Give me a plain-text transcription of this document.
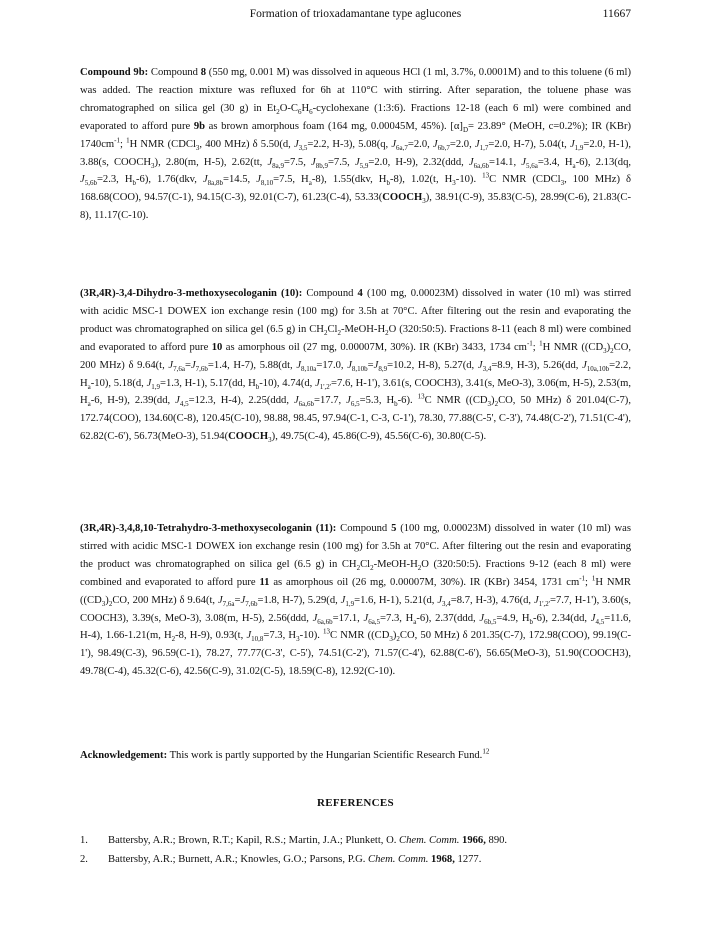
Formation of trioxadamantane type aglucones	11667

Compound 9b: Compound 8 (550 mg, 0.001 M) was dissolved in aqueous HCl (1 ml, 3.7%, 0.0001M) and to this toluene (6 ml) was added. The reaction mixture was refluxed for 6h at 110°C with stirring. After separation, the toluene phase was chromatographed on silica gel (30 g) in $Et_2O-C_6H_6$-cyclohexane (1:3:6). Fractions 12-18 (each 6 ml) were combined and evaporated to afford pure 9b as brown amorphous foam (164 mg, 0.00045M, 45%). $[\alpha]_D= 23.89^\circ$ (MeOH, c=0.2%); IR (KBr) $1740cm^{-1}$; $^1$H NMR (CDCl$_3$, 400 MHz) δ 5.50(d, $J_{3,5}=2.2$, H-3), 5.08(q, $J_{6a,7}=2.0$, $J_{6b,7}=2.0$, $J_{1,7}=2.0$, H-7), 5.04(t, $J_{1,9}=2.0$, H-1), 3.88(s, $COOCH_3$), 2.80(m, H-5), 2.62(tt, $J_{8a,9}=7.5$, $J_{8b,9}=7.5$, $J_{5,9}=2.0$, H-9), 2.32(ddd, $J_{6a,6b}=14.1$, $J_{5,6a}=3.4$, $H_a-6$), 2.13(dq, $J_{5,6b}=2.3$, $H_b-6$), 1.76(dkv, $J_{8a,8b}=14.5$, $J_{8,10}=7.5$, $H_a-8$), 1.55(dkv, $H_b-8$), 1.02(t, $H_3-10$). $^{13}$C NMR (CDCl$_3$, 100 MHz) δ 168.68(COO), 94.57(C-1), 94.15(C-3), 92.01(C-7), 61.23(C-4), $53.33(COOCH_3)$, 38.91(C-9), 35.83(C-5), 28.99(C-6), 21.83(C-8), 11.17(C-10).

(3R,4R)-3,4-Dihydro-3-methoxysecologanin (10): Compound 4 (100 mg, 0.00023M) dissolved in water (10 ml) was stirred with acidic MSC-1 DOWEX ion exchange resin (100 mg) for 3.5h at 70°C. After filtering out the resin and evaporating the product was chromatographed on silica gel (6.5 g) in $CH_2Cl_2-MeOH-H_2O$ (320:50:5). Fractions 8-11 (each 8 ml) were combined and evaporated to afford pure 10 as amorphous oil (27 mg, 0.00007M, 30%). IR (KBr) 3433, 1734 $cm^{-1}$; $^1$H NMR ($(CD_3)_2CO$, 200 MHz) δ 9.64(t, $J_{7,6a}=J_{7,6b}=1.4$, H-7), 5.88(dt, $J_{8,10a}=17.0$, $J_{8,10b}=J_{8,9}=10.2$, H-8), 5.27(d, $J_{3,4}=8.9$, H-3), 5.26(dd, $J_{10a,10b}=2.2$, $H_a-10$), 5.18(d, $J_{1,9}=1.3$, H-1), 5.17(dd, $H_b-10$), 4.74(d, $J_{1',2'}=7.6$, H-1'), 3.61(s, COOCH3), 3.41(s, MeO-3), 3.06(m, H-5), 2.53(m, $H_a-6$, H-9), 2.39(dd, $J_{4,5}=12.3$, H-4), 2.25(ddd, $J_{6a,6b}=17.7$, $J_{6,5}=5.3$, $H_b-6$). $^{13}$C NMR ($(CD_3)_2CO$, 50 MHz) δ 201.04(C-7), 172.74(COO), 134.60(C-8), 120.45(C-10), 98.88, 98.45, 97.94(C-1, C-3, C-1'), 78.30, 77.88(C-5', C-3'), 74.48(C-2'), 71.51(C-4'), 62.82(C-6'), 56.73(MeO-3), $51.94(COOCH_3)$, 49.75(C-4), 45.86(C-9), 45.56(C-6), 30.80(C-5).

(3R,4R)-3,4,8,10-Tetrahydro-3-methoxysecologanin (11): Compound 5 (100 mg, 0.00023M) dissolved in water (10 ml) was stirred with acidic MSC-1 DOWEX ion exchange resin (100 mg) for 3.5h at 70°C. After filtering out the resin and evaporating the product was chromatographed on silica gel (6.5 g) in $CH_2Cl_2-MeOH-H_2O$ (320:50:5). Fractions 9-12 (each 8 ml) were combined and evaporated to afford pure 11 as amorphous oil (26 mg, 0.00007M, 30%). IR (KBr) 3454, 1731 $cm^{-1}$; $^1$H NMR ($(CD_3)_2CO$, 200 MHz) δ 9.64(t, $J_{7,6a}=J_{7,6b}=1.8$, H-7), 5.29(d, $J_{1,9}=1.6$, H-1), 5.21(d, $J_{3,4}=8.7$, H-3), 4.76(d, $J_{1',2'}=7.7$, H-1'), 3.60(s, COOCH3), 3.39(s, MeO-3), 3.08(m, H-5), 2.56(ddd, $J_{6a,6b}=17.1$, $J_{6a,5}=7.3$, $H_a-6$), 2.37(ddd, $J_{6b,5}=4.9$, $H_b-6$), 2.34(dd, $J_{4,5}=11.6$, H-4), 1.66-1.21(m, $H_2-8$, H-9), 0.93(t, $J_{10,8}=7.3$, $H_3-10$). $^{13}$C NMR ($(CD_3)_2CO$, 50 MHz) δ 201.35(C-7), 172.98(COO), 99.19(C-1'), 98.49(C-3), 96.59(C-1), 78.27, 77.77(C-3', C-5'), 74.51(C-2'), 71.57(C-4'), 62.88(C-6'), 56.65(MeO-3), 51.90(COOCH3), 49.78(C-4), 45.32(C-6), 42.56(C-9), 31.02(C-5), 18.59(C-8), 12.92(C-10).

Acknowledgement: This work is partly supported by the Hungarian Scientific Research Fund.$^{12}$

REFERENCES
1. Battersby, A.R.; Brown, R.T.; Kapil, R.S.; Martin, J.A.; Plunkett, O. Chem. Comm. 1966, 890.
2. Battersby, A.R.; Burnett, A.R.; Knowles, G.O.; Parsons, P.G. Chem. Comm. 1968, 1277.
